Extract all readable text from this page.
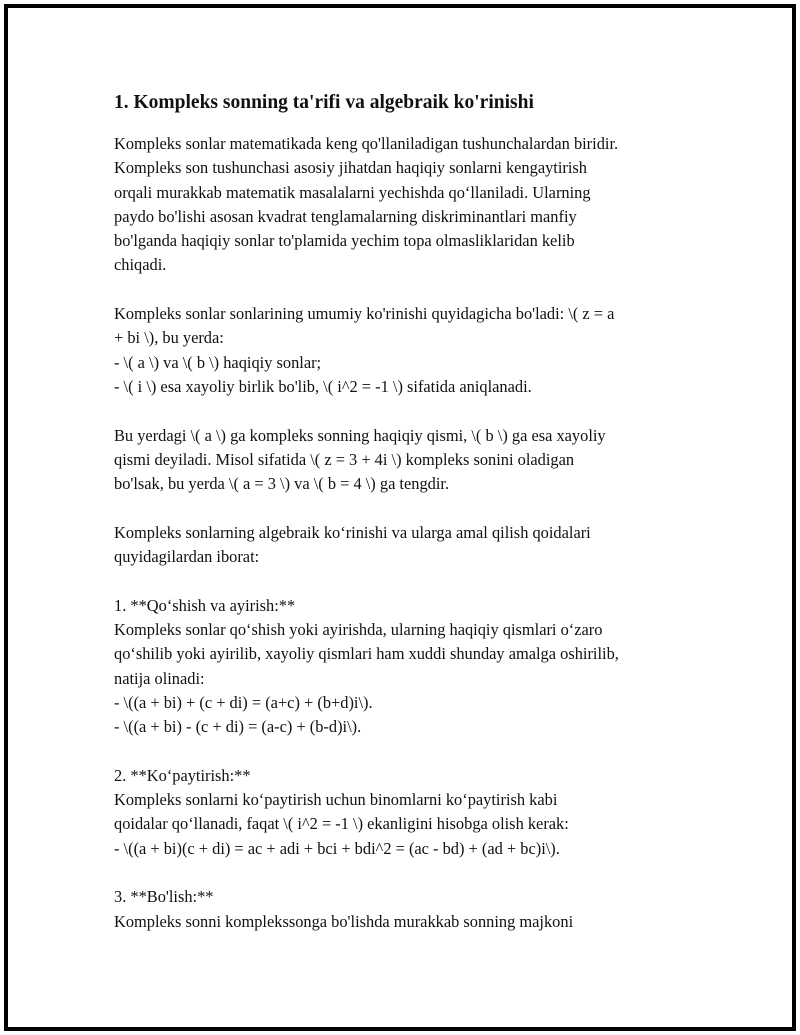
1. Kompleks sonning ta'rifi va algebraik ko'rinishi

Kompleks sonlar matematikada keng qo'llaniladigan tushunchalardan biridir.
Kompleks son tushunchasi asosiy jihatdan haqiqiy sonlarni kengaytirish
orqali murakkab matematik masalalarni yechishda qo‘llaniladi. Ularning
paydo bo'lishi asosan kvadrat tenglamalarning diskriminantlari manfiy
bo'lganda haqiqiy sonlar to'plamida yechim topa olmasliklaridan kelib
chiqadi.

Kompleks sonlar sonlarining umumiy ko'rinishi quyidagicha bo'ladi: \( z = a
+ bi \), bu yerda:
- \( a \) va \( b \) haqiqiy sonlar;
- \( i \) esa xayoliy birlik bo'lib, \( i^2 = -1 \) sifatida aniqlanadi.

Bu yerdagi \( a \) ga kompleks sonning haqiqiy qismi, \( b \) ga esa xayoliy
qismi deyiladi. Misol sifatida \( z = 3 + 4i \) kompleks sonini oladigan
bo'lsak, bu yerda \( a = 3 \) va \( b = 4 \) ga tengdir.

Kompleks sonlarning algebraik ko‘rinishi va ularga amal qilish qoidalari
quyidagilardan iborat:

1. **Qo‘shish va ayirish:**
Kompleks sonlar qo‘shish yoki ayirishda, ularning haqiqiy qismlari o‘zaro
qo‘shilib yoki ayirilib, xayoliy qismlari ham xuddi shunday amalga oshirilib,
natija olinadi:
- \((a + bi) + (c + di) = (a+c) + (b+d)i\).
- \((a + bi) - (c + di) = (a-c) + (b-d)i\).

2. **Ko‘paytirish:**
Kompleks sonlarni ko‘paytirish uchun binomlarni ko‘paytirish kabi
qoidalar qo‘llanadi, faqat \( i^2 = -1 \) ekanligini hisobga olish kerak:
- \((a + bi)(c + di) = ac + adi + bci + bdi^2 = (ac - bd) + (ad + bc)i\).

3. **Bo'lish:**
Kompleks sonni komplekssonga bo'lishda murakkab sonning majkoni
